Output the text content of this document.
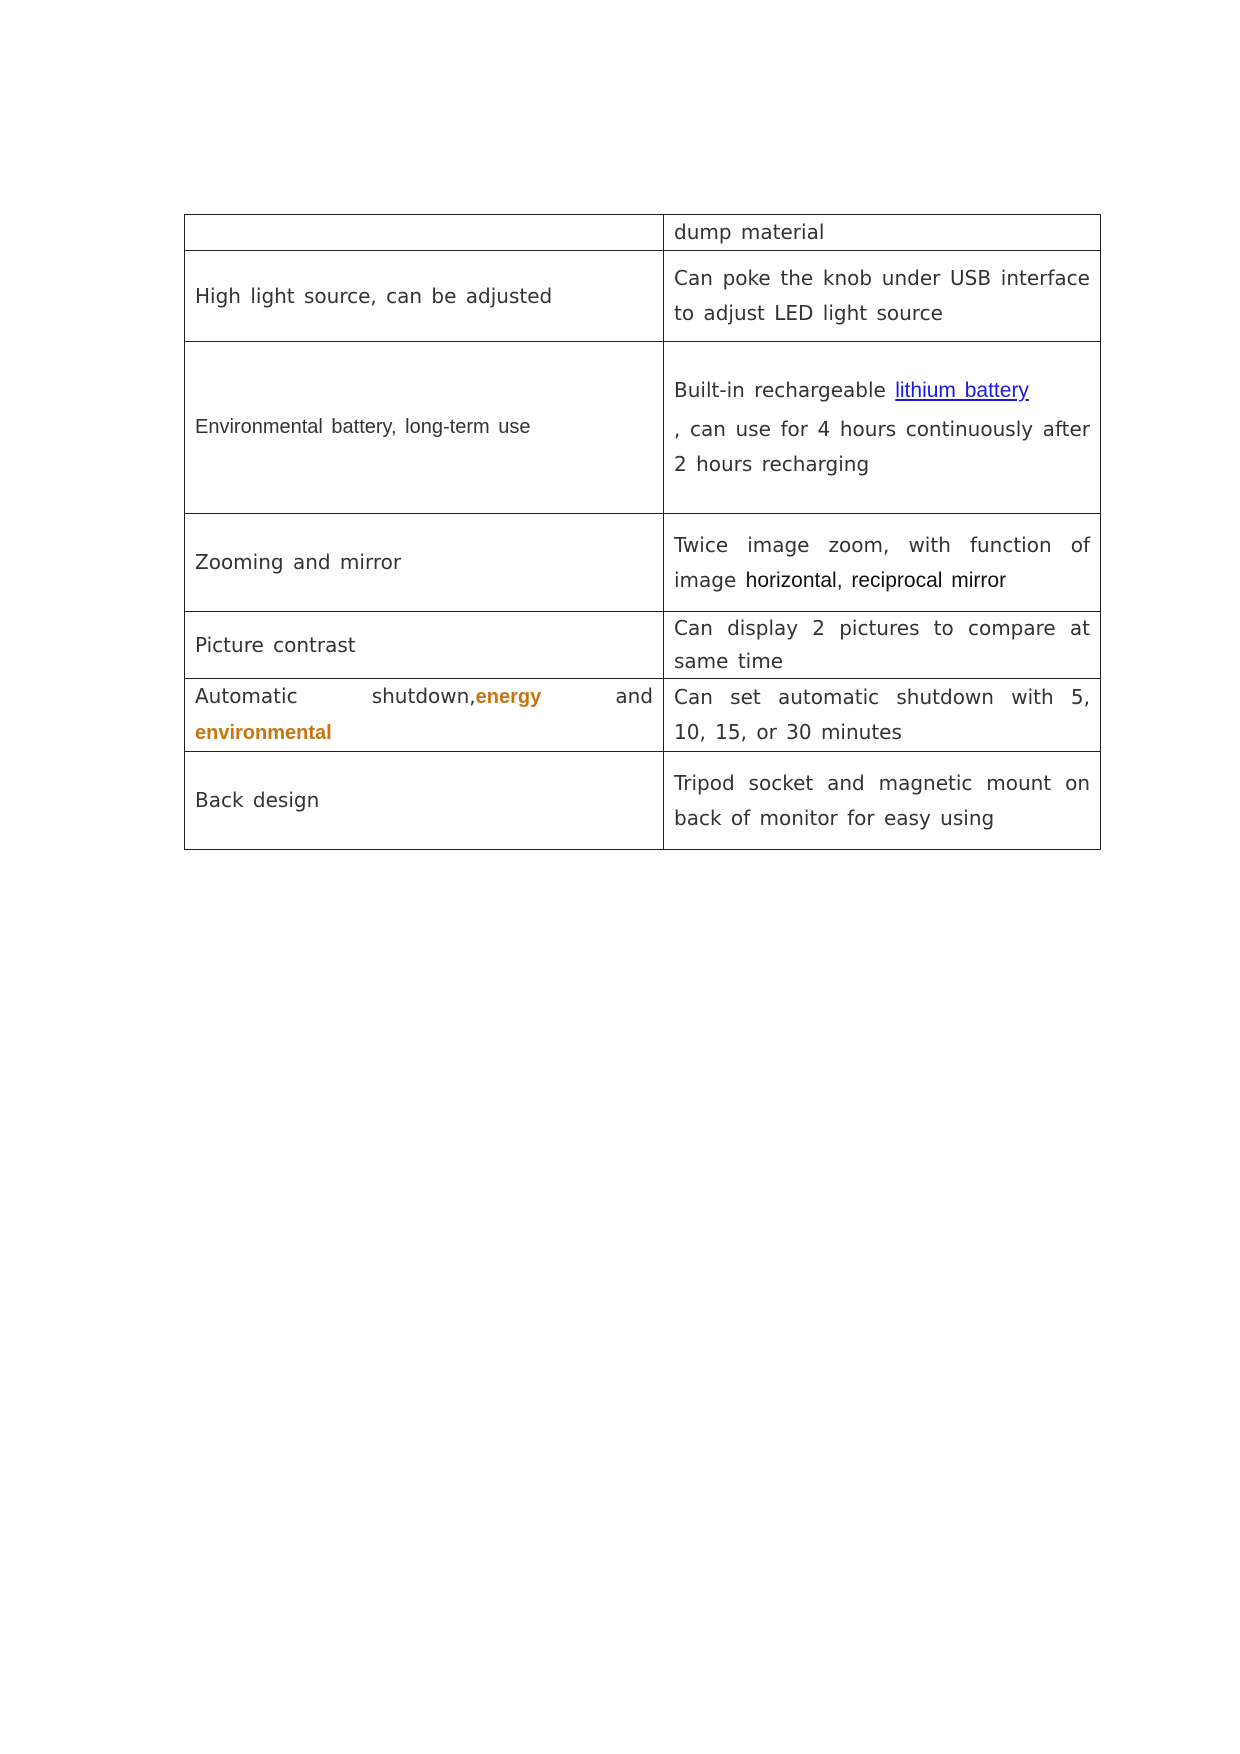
	dump material
High light source, can be adjusted	Can poke the knob under USB interface to adjust LED light source
Environmental battery, long-term use	Built-in rechargeable lithium battery
, can use for 4 hours continuously after 2 hours recharging
Zooming and mirror	Twice image zoom, with function of image horizontal, reciprocal mirror
Picture contrast	Can display 2 pictures to compare at same time
Automatic shutdown,energy and environmental	Can set automatic shutdown with 5, 10, 15, or 30 minutes
Back design	Tripod socket and magnetic mount on back of monitor for easy using
